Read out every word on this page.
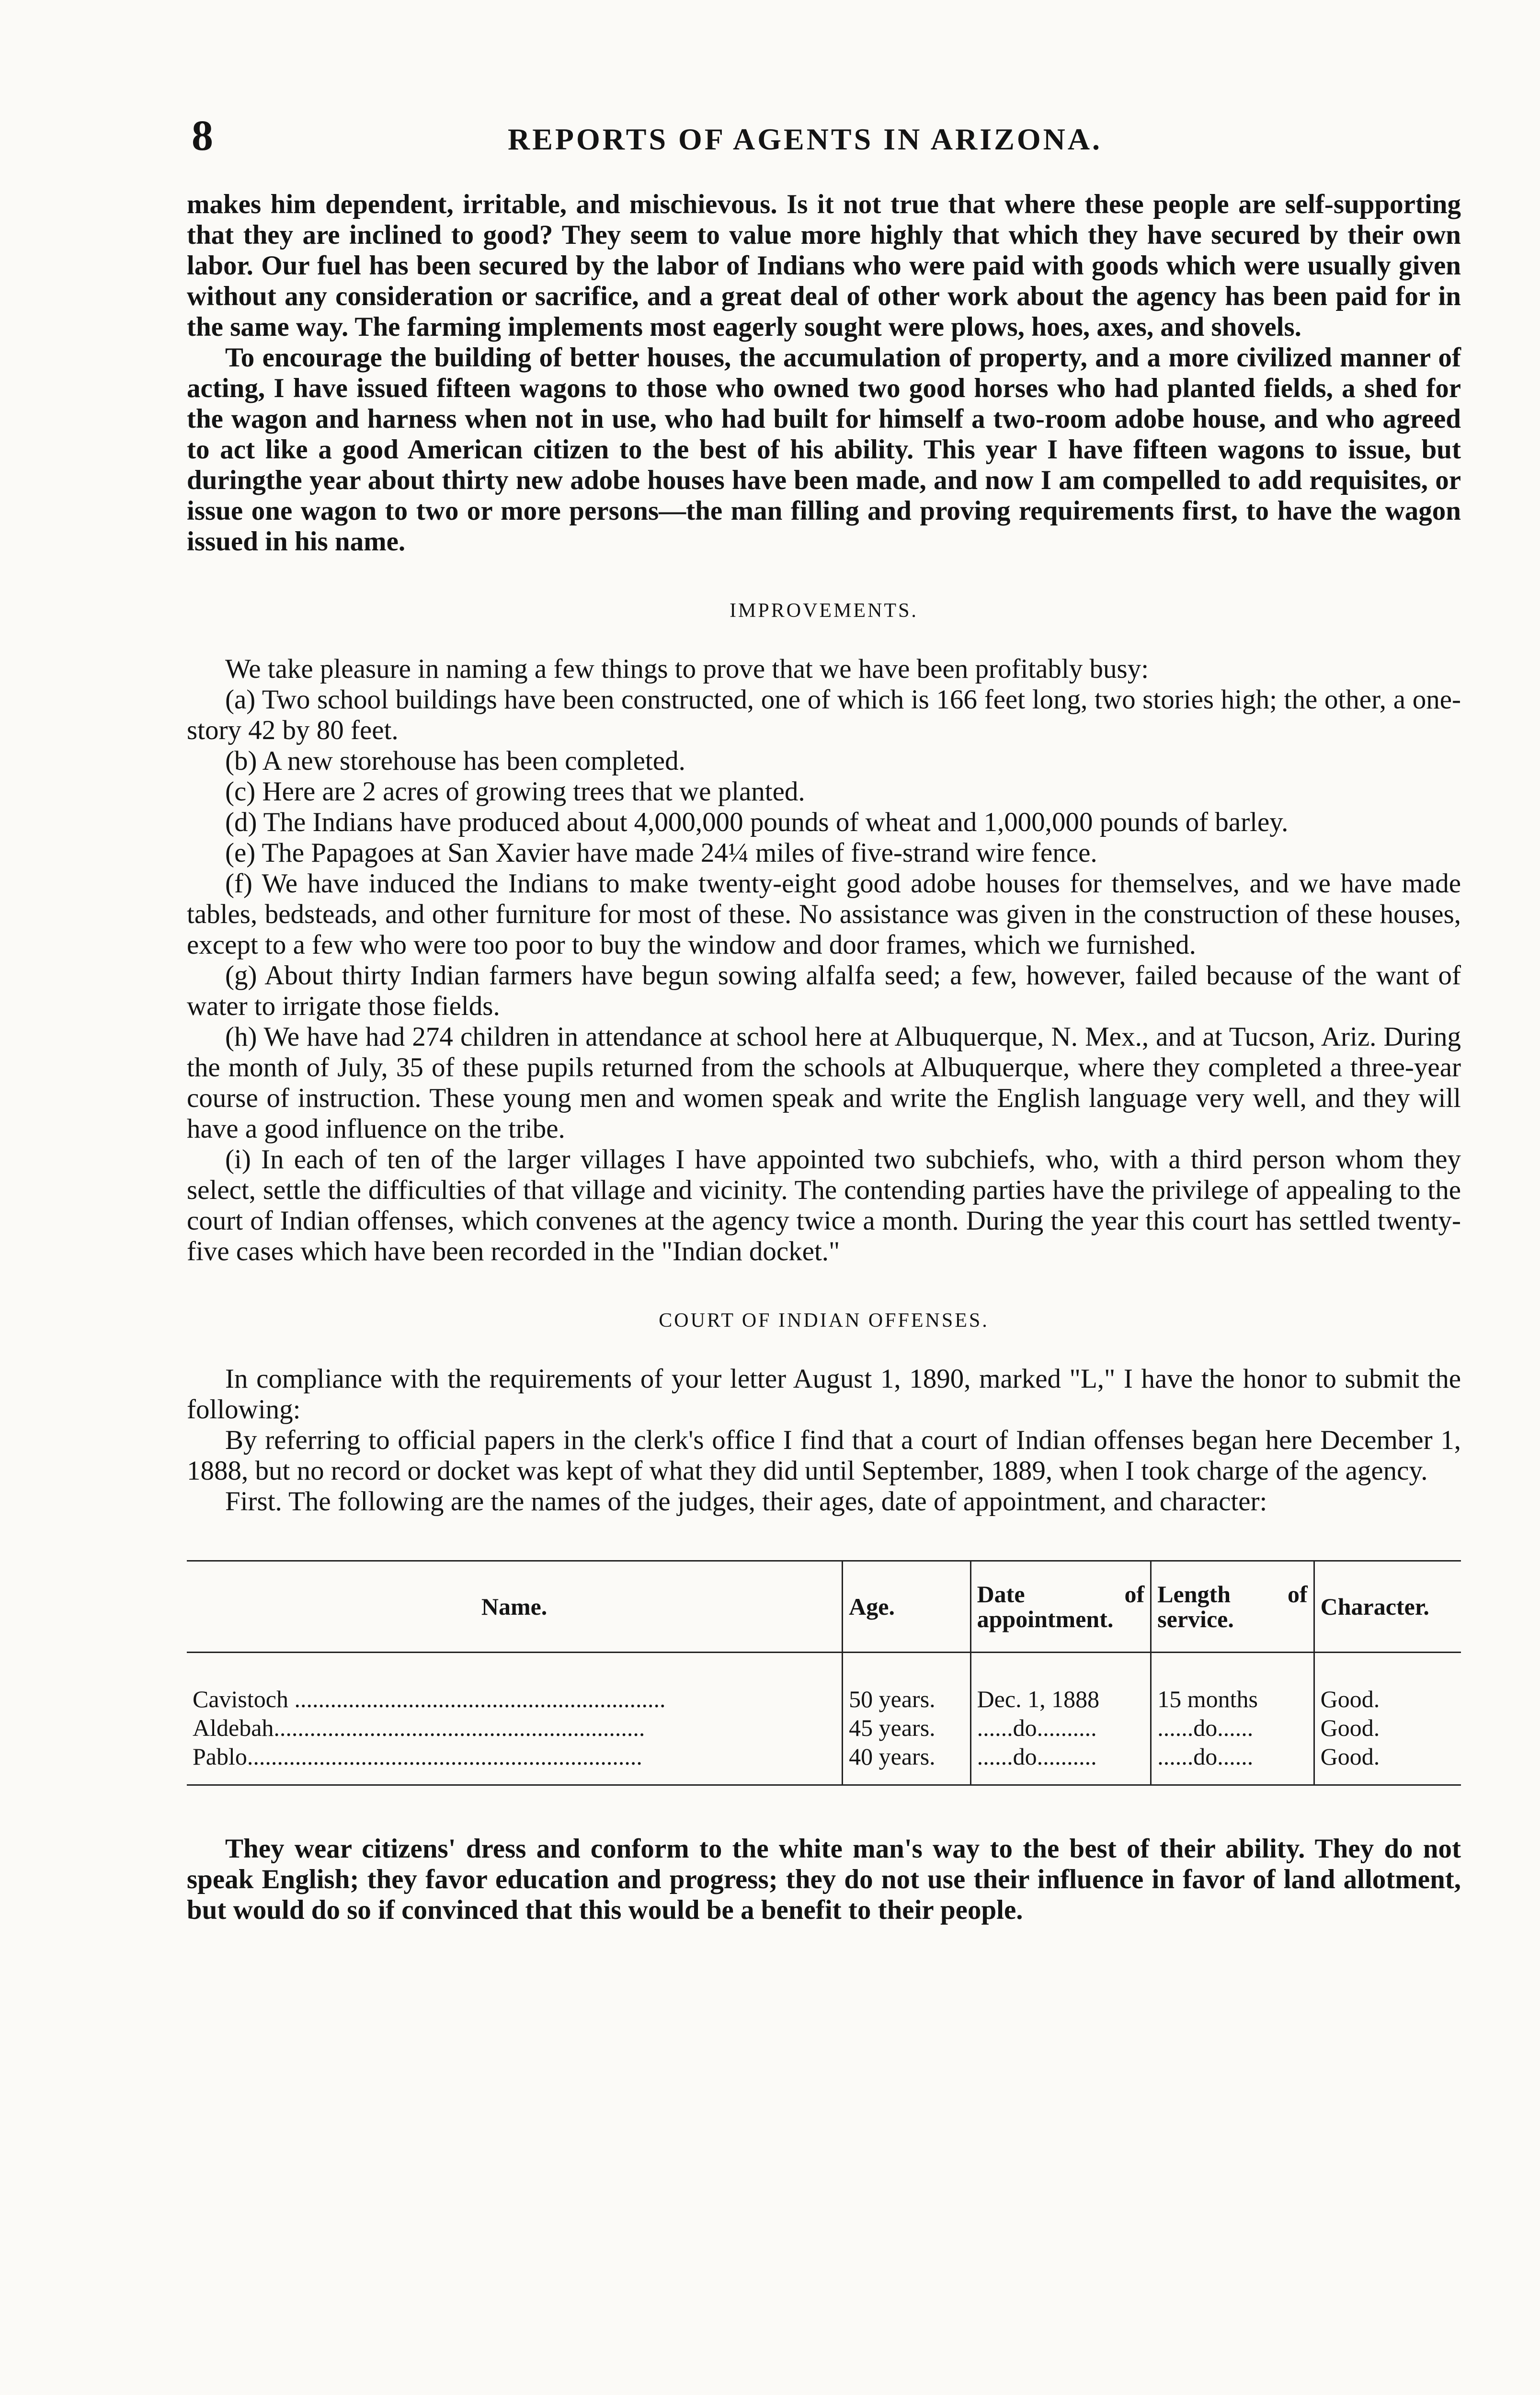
8	REPORTS OF AGENTS IN ARIZONA.

makes him dependent, irritable, and mischievous. Is it not true that where these people are self-supporting that they are inclined to good? They seem to value more highly that which they have secured by their own labor. Our fuel has been secured by the labor of Indians who were paid with goods which were usually given without any consideration or sacrifice, and a great deal of other work about the agency has been paid for in the same way. The farming implements most eagerly sought were plows, hoes, axes, and shovels.

To encourage the building of better houses, the accumulation of property, and a more civilized manner of acting, I have issued fifteen wagons to those who owned two good horses who had planted fields, a shed for the wagon and harness when not in use, who had built for himself a two-room adobe house, and who agreed to act like a good American citizen to the best of his ability. This year I have fifteen wagons to issue, but duringthe year about thirty new adobe houses have been made, and now I am compelled to add requisites, or issue one wagon to two or more persons—the man filling and proving requirements first, to have the wagon issued in his name.

IMPROVEMENTS.

We take pleasure in naming a few things to prove that we have been profitably busy:

(a) Two school buildings have been constructed, one of which is 166 feet long, two stories high; the other, a one-story 42 by 80 feet.

(b) A new storehouse has been completed.

(c) Here are 2 acres of growing trees that we planted.

(d) The Indians have produced about 4,000,000 pounds of wheat and 1,000,000 pounds of barley.

(e) The Papagoes at San Xavier have made 24¼ miles of five-strand wire fence.

(f) We have induced the Indians to make twenty-eight good adobe houses for themselves, and we have made tables, bedsteads, and other furniture for most of these. No assistance was given in the construction of these houses, except to a few who were too poor to buy the window and door frames, which we furnished.

(g) About thirty Indian farmers have begun sowing alfalfa seed; a few, however, failed because of the want of water to irrigate those fields.

(h) We have had 274 children in attendance at school here at Albuquerque, N. Mex., and at Tucson, Ariz. During the month of July, 35 of these pupils returned from the schools at Albuquerque, where they completed a three-year course of instruction. These young men and women speak and write the English language very well, and they will have a good influence on the tribe.

(i) In each of ten of the larger villages I have appointed two subchiefs, who, with a third person whom they select, settle the difficulties of that village and vicinity. The contending parties have the privilege of appealing to the court of Indian offenses, which convenes at the agency twice a month. During the year this court has settled twenty-five cases which have been recorded in the "Indian docket."

COURT OF INDIAN OFFENSES.

In compliance with the requirements of your letter August 1, 1890, marked "L," I have the honor to submit the following:

By referring to official papers in the clerk's office I find that a court of Indian offenses began here December 1, 1888, but no record or docket was kept of what they did until September, 1889, when I took charge of the agency.

First. The following are the names of the judges, their ages, date of appointment, and character:

Name.	Age.	Date of appointment.	Length of service.	Character.
Cavistoch ..............................................................	50 years.	Dec. 1, 1888	15 months	Good.
Aldebah..............................................................	45 years.	......do..........	......do......	Good.
Pablo..................................................................	40 years.	......do..........	......do......	Good.

They wear citizens' dress and conform to the white man's way to the best of their ability. They do not speak English; they favor education and progress; they do not use their influence in favor of land allotment, but would do so if convinced that this would be a benefit to their people.
